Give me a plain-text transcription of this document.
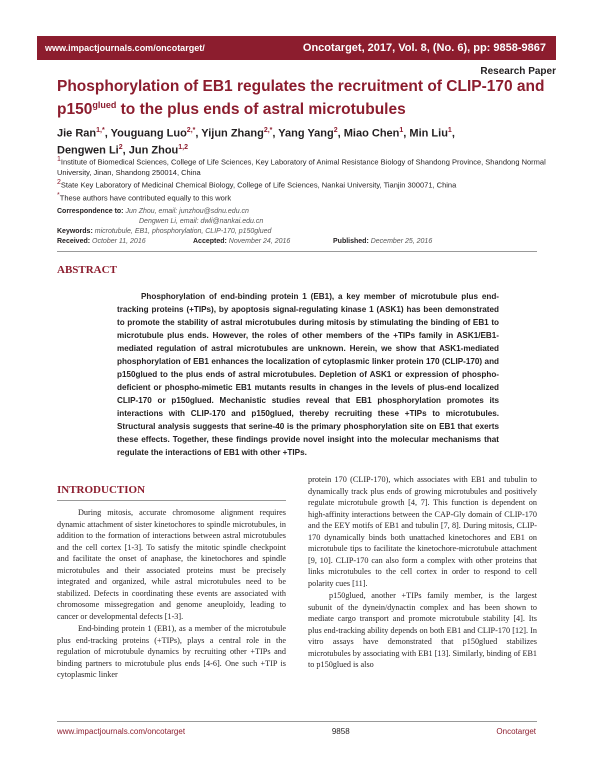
www.impactjournals.com/oncotarget/	Oncotarget, 2017, Vol. 8, (No. 6), pp: 9858-9867
Research Paper
Phosphorylation of EB1 regulates the recruitment of CLIP-170 and $p150^{glued}$ to the plus ends of astral microtubules
Jie Ran$^{1,*}$, Youguang Luo$^{2,*}$, Yijun Zhang$^{2,*}$, Yang Yang$^2$, Miao Chen$^1$, Min Liu$^1$,
Dengwen Li$^2$, Jun Zhou$^{1,2}$
$^1$Institute of Biomedical Sciences, College of Life Sciences, Key Laboratory of Animal Resistance Biology of Shandong Province, Shandong Normal University, Jinan, Shandong 250014, China
$^2$State Key Laboratory of Medicinal Chemical Biology, College of Life Sciences, Nankai University, Tianjin 300071, China
*These authors have contributed equally to this work
Correspondence to: Jun Zhou, email: junzhou@sdnu.edu.cn
Dengwen Li, email: dwli@nankai.edu.cn
Keywords: microtubule, EB1, phosphorylation, CLIP-170, p150glued
Received: October 11, 2016	Accepted: November 24, 2016	Published: December 25, 2016
ABSTRACT

Phosphorylation of end-binding protein 1 (EB1), a key member of microtubule plus end-tracking proteins (+TIPs), by apoptosis signal-regulating kinase 1 (ASK1) has been demonstrated to promote the stability of astral microtubules during mitosis by stimulating the binding of EB1 to microtubule plus ends. However, the roles of other members of the +TIPs family in ASK1/EB1-mediated regulation of astral microtubules are unknown. Herein, we show that ASK1-mediated phosphorylation of EB1 enhances the localization of cytoplasmic linker protein 170 (CLIP-170) and p150glued to the plus ends of astral microtubules. Depletion of ASK1 or expression of phospho-deficient or phospho-mimetic EB1 mutants results in changes in the levels of plus-end localized CLIP-170 or p150glued. Mechanistic studies reveal that EB1 phosphorylation promotes its interactions with CLIP-170 and p150glued, thereby recruiting these +TIPs to microtubules. Structural analysis suggests that serine-40 is the primary phosphorylation site on EB1 that exerts these effects. Together, these findings provide novel insight into the molecular mechanisms that regulate the interactions of EB1 with other +TIPs.

INTRODUCTION

During mitosis, accurate chromosome alignment requires dynamic attachment of sister kinetochores to spindle microtubules, in addition to the formation of interactions between astral microtubules and the cell cortex [1-3]. To satisfy the mitotic spindle checkpoint and facilitate the onset of anaphase, the kinetochores and spindle microtubules and their associated proteins must be precisely integrated and organized, while astral microtubules need to be stabilized. Defects in coordinating these events are associated with chromosome missegregation and genome aneuploidy, leading to cancer or developmental defects [1-3].

End-binding protein 1 (EB1), as a member of the microtubule plus end-tracking proteins (+TIPs), plays a central role in the regulation of microtubule dynamics by recruiting other +TIPs and binding partners to microtubule plus ends [4-6]. One such +TIP is cytoplasmic linker

protein 170 (CLIP-170), which associates with EB1 and tubulin to dynamically track plus ends of growing microtubules and positively regulate microtubule growth [4, 7]. This function is dependent on high-affinity interactions between the CAP-Gly domain of CLIP-170 and the EEY motifs of EB1 and tubulin [7, 8]. During mitosis, CLIP-170 dynamically binds both unattached kinetochores and EB1 on microtubule tips to facilitate the kinetochore-microtubule attachment [9, 10]. CLIP-170 can also form a complex with other proteins that links microtubules to the cell cortex in order to respond to cell polarity cues [11].

p150glued, another +TIPs family member, is the largest subunit of the dynein/dynactin complex and has been shown to mediate cargo transport and promote microtubule stability [4]. Its plus end-tracking ability depends on both EB1 and CLIP-170 [12]. In vitro assays have demonstrated that p150glued stabilizes microtubules by associating with EB1 [13]. Similarly, binding of EB1 to p150glued is also

www.impactjournals.com/oncotarget	9858	Oncotarget
